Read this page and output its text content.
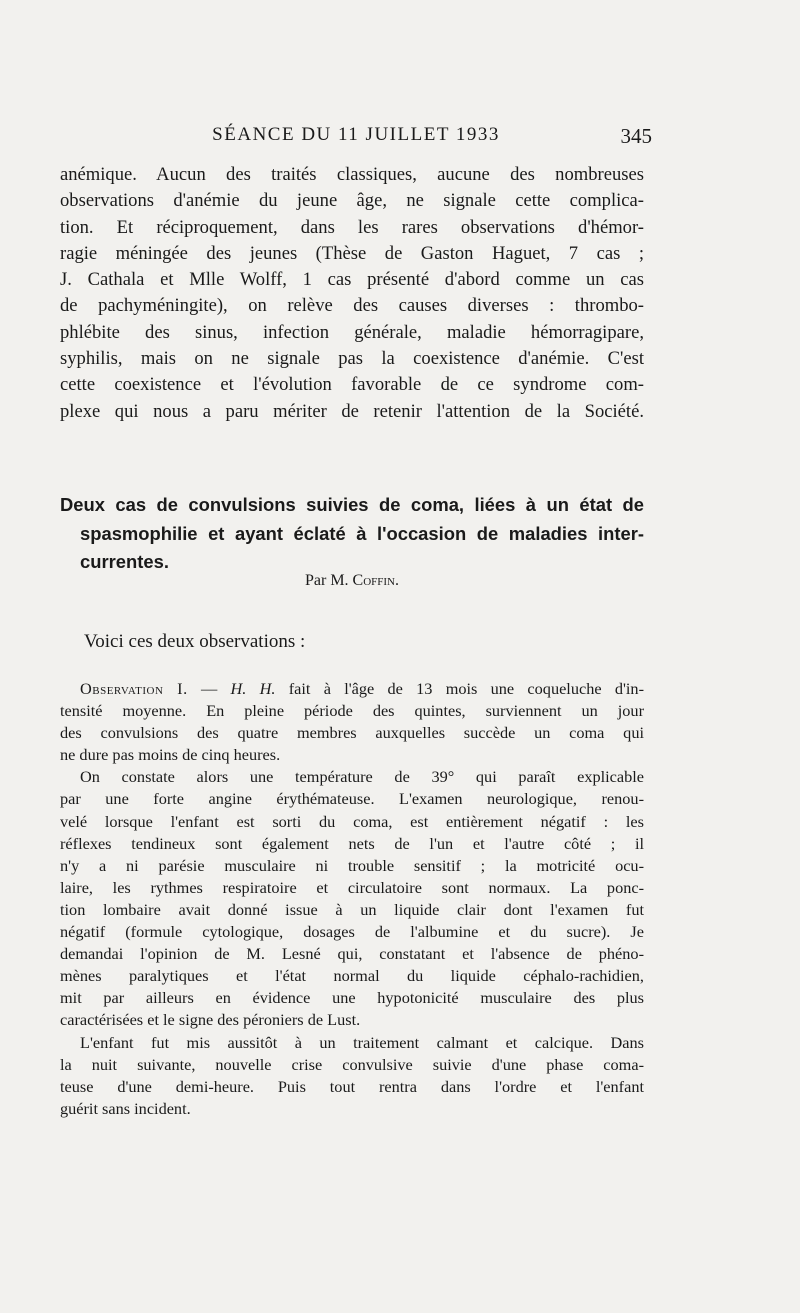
SÉANCE DU 11 JUILLET 1933	345
anémique. Aucun des traités classiques, aucune des nombreuses
observations d'anémie du jeune âge, ne signale cette complica-
tion. Et réciproquement, dans les rares observations d'hémor-
ragie méningée des jeunes (Thèse de Gaston Haguet, 7 cas ;
J. Cathala et Mlle Wolff, 1 cas présenté d'abord comme un cas
de pachyméningite), on relève des causes diverses : thrombo-
phlébite des sinus, infection générale, maladie hémorragipare,
syphilis, mais on ne signale pas la coexistence d'anémie. C'est
cette coexistence et l'évolution favorable de ce syndrome com-
plexe qui nous a paru mériter de retenir l'attention de la Société.
Deux cas de convulsions suivies de coma, liées à un état de
spasmophilie et ayant éclaté à l'occasion de maladies inter-
currentes.
Par M. Coffin.
Voici ces deux observations :
Observation I. — H. H. fait à l'âge de 13 mois une coqueluche d'in-
tensité moyenne. En pleine période des quintes, surviennent un jour
des convulsions des quatre membres auxquelles succède un coma qui
ne dure pas moins de cinq heures.
On constate alors une température de 39° qui paraît explicable
par une forte angine érythémateuse. L'examen neurologique, renou-
velé lorsque l'enfant est sorti du coma, est entièrement négatif : les
réflexes tendineux sont également nets de l'un et l'autre côté ; il
n'y a ni parésie musculaire ni trouble sensitif ; la motricité ocu-
laire, les rythmes respiratoire et circulatoire sont normaux. La ponc-
tion lombaire avait donné issue à un liquide clair dont l'examen fut
négatif (formule cytologique, dosages de l'albumine et du sucre). Je
demandai l'opinion de M. Lesné qui, constatant et l'absence de phéno-
mènes paralytiques et l'état normal du liquide céphalo-rachidien,
mit par ailleurs en évidence une hypotonicité musculaire des plus
caractérisées et le signe des péroniers de Lust.
L'enfant fut mis aussitôt à un traitement calmant et calcique. Dans
la nuit suivante, nouvelle crise convulsive suivie d'une phase coma-
teuse d'une demi-heure. Puis tout rentra dans l'ordre et l'enfant
guérit sans incident.
